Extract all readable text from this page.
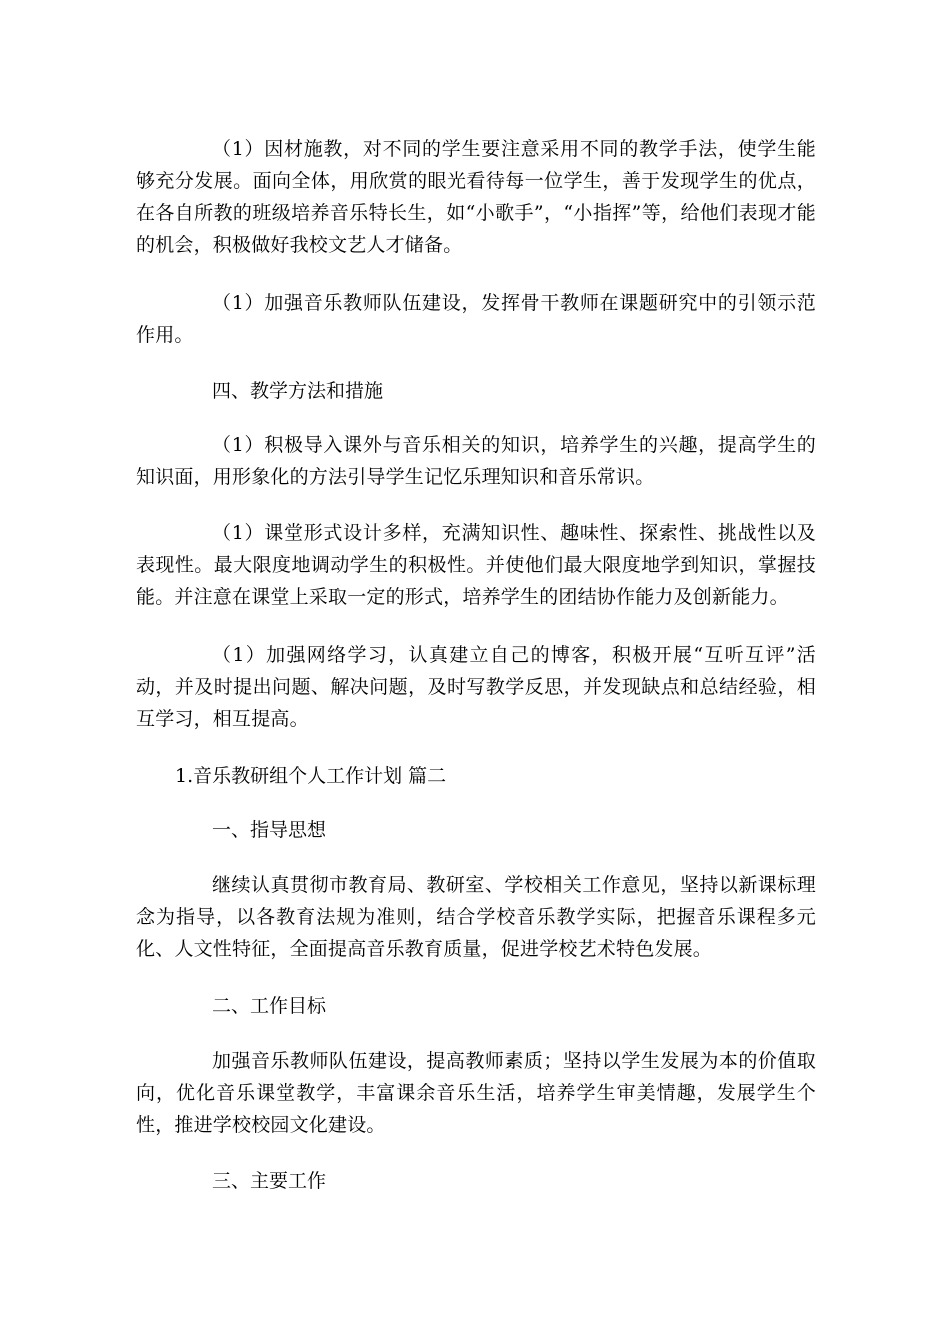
（1）因材施教，对不同的学生要注意采用不同的教学手法，使学生能够充分发展。面向全体，用欣赏的眼光看待每一位学生，善于发现学生的优点，在各自所教的班级培养音乐特长生，如“小歌手”，“小指挥”等，给他们表现才能的机会，积极做好我校文艺人才储备。

（1）加强音乐教师队伍建设，发挥骨干教师在课题研究中的引领示范作用。

四、教学方法和措施

（1）积极导入课外与音乐相关的知识，培养学生的兴趣，提高学生的知识面，用形象化的方法引导学生记忆乐理知识和音乐常识。

（1）课堂形式设计多样，充满知识性、趣味性、探索性、挑战性以及表现性。最大限度地调动学生的积极性。并使他们最大限度地学到知识，掌握技能。并注意在课堂上采取一定的形式，培养学生的团结协作能力及创新能力。

（1）加强网络学习，认真建立自己的博客，积极开展“互听互评”活动，并及时提出问题、解决问题，及时写教学反思，并发现缺点和总结经验，相互学习，相互提高。

1.音乐教研组个人工作计划 篇二

一、指导思想

继续认真贯彻市教育局、教研室、学校相关工作意见，坚持以新课标理念为指导，以各教育法规为准则，结合学校音乐教学实际，把握音乐课程多元化、人文性特征，全面提高音乐教育质量，促进学校艺术特色发展。

二、工作目标

加强音乐教师队伍建设，提高教师素质；坚持以学生发展为本的价值取向，优化音乐课堂教学，丰富课余音乐生活，培养学生审美情趣，发展学生个性，推进学校校园文化建设。

三、主要工作
